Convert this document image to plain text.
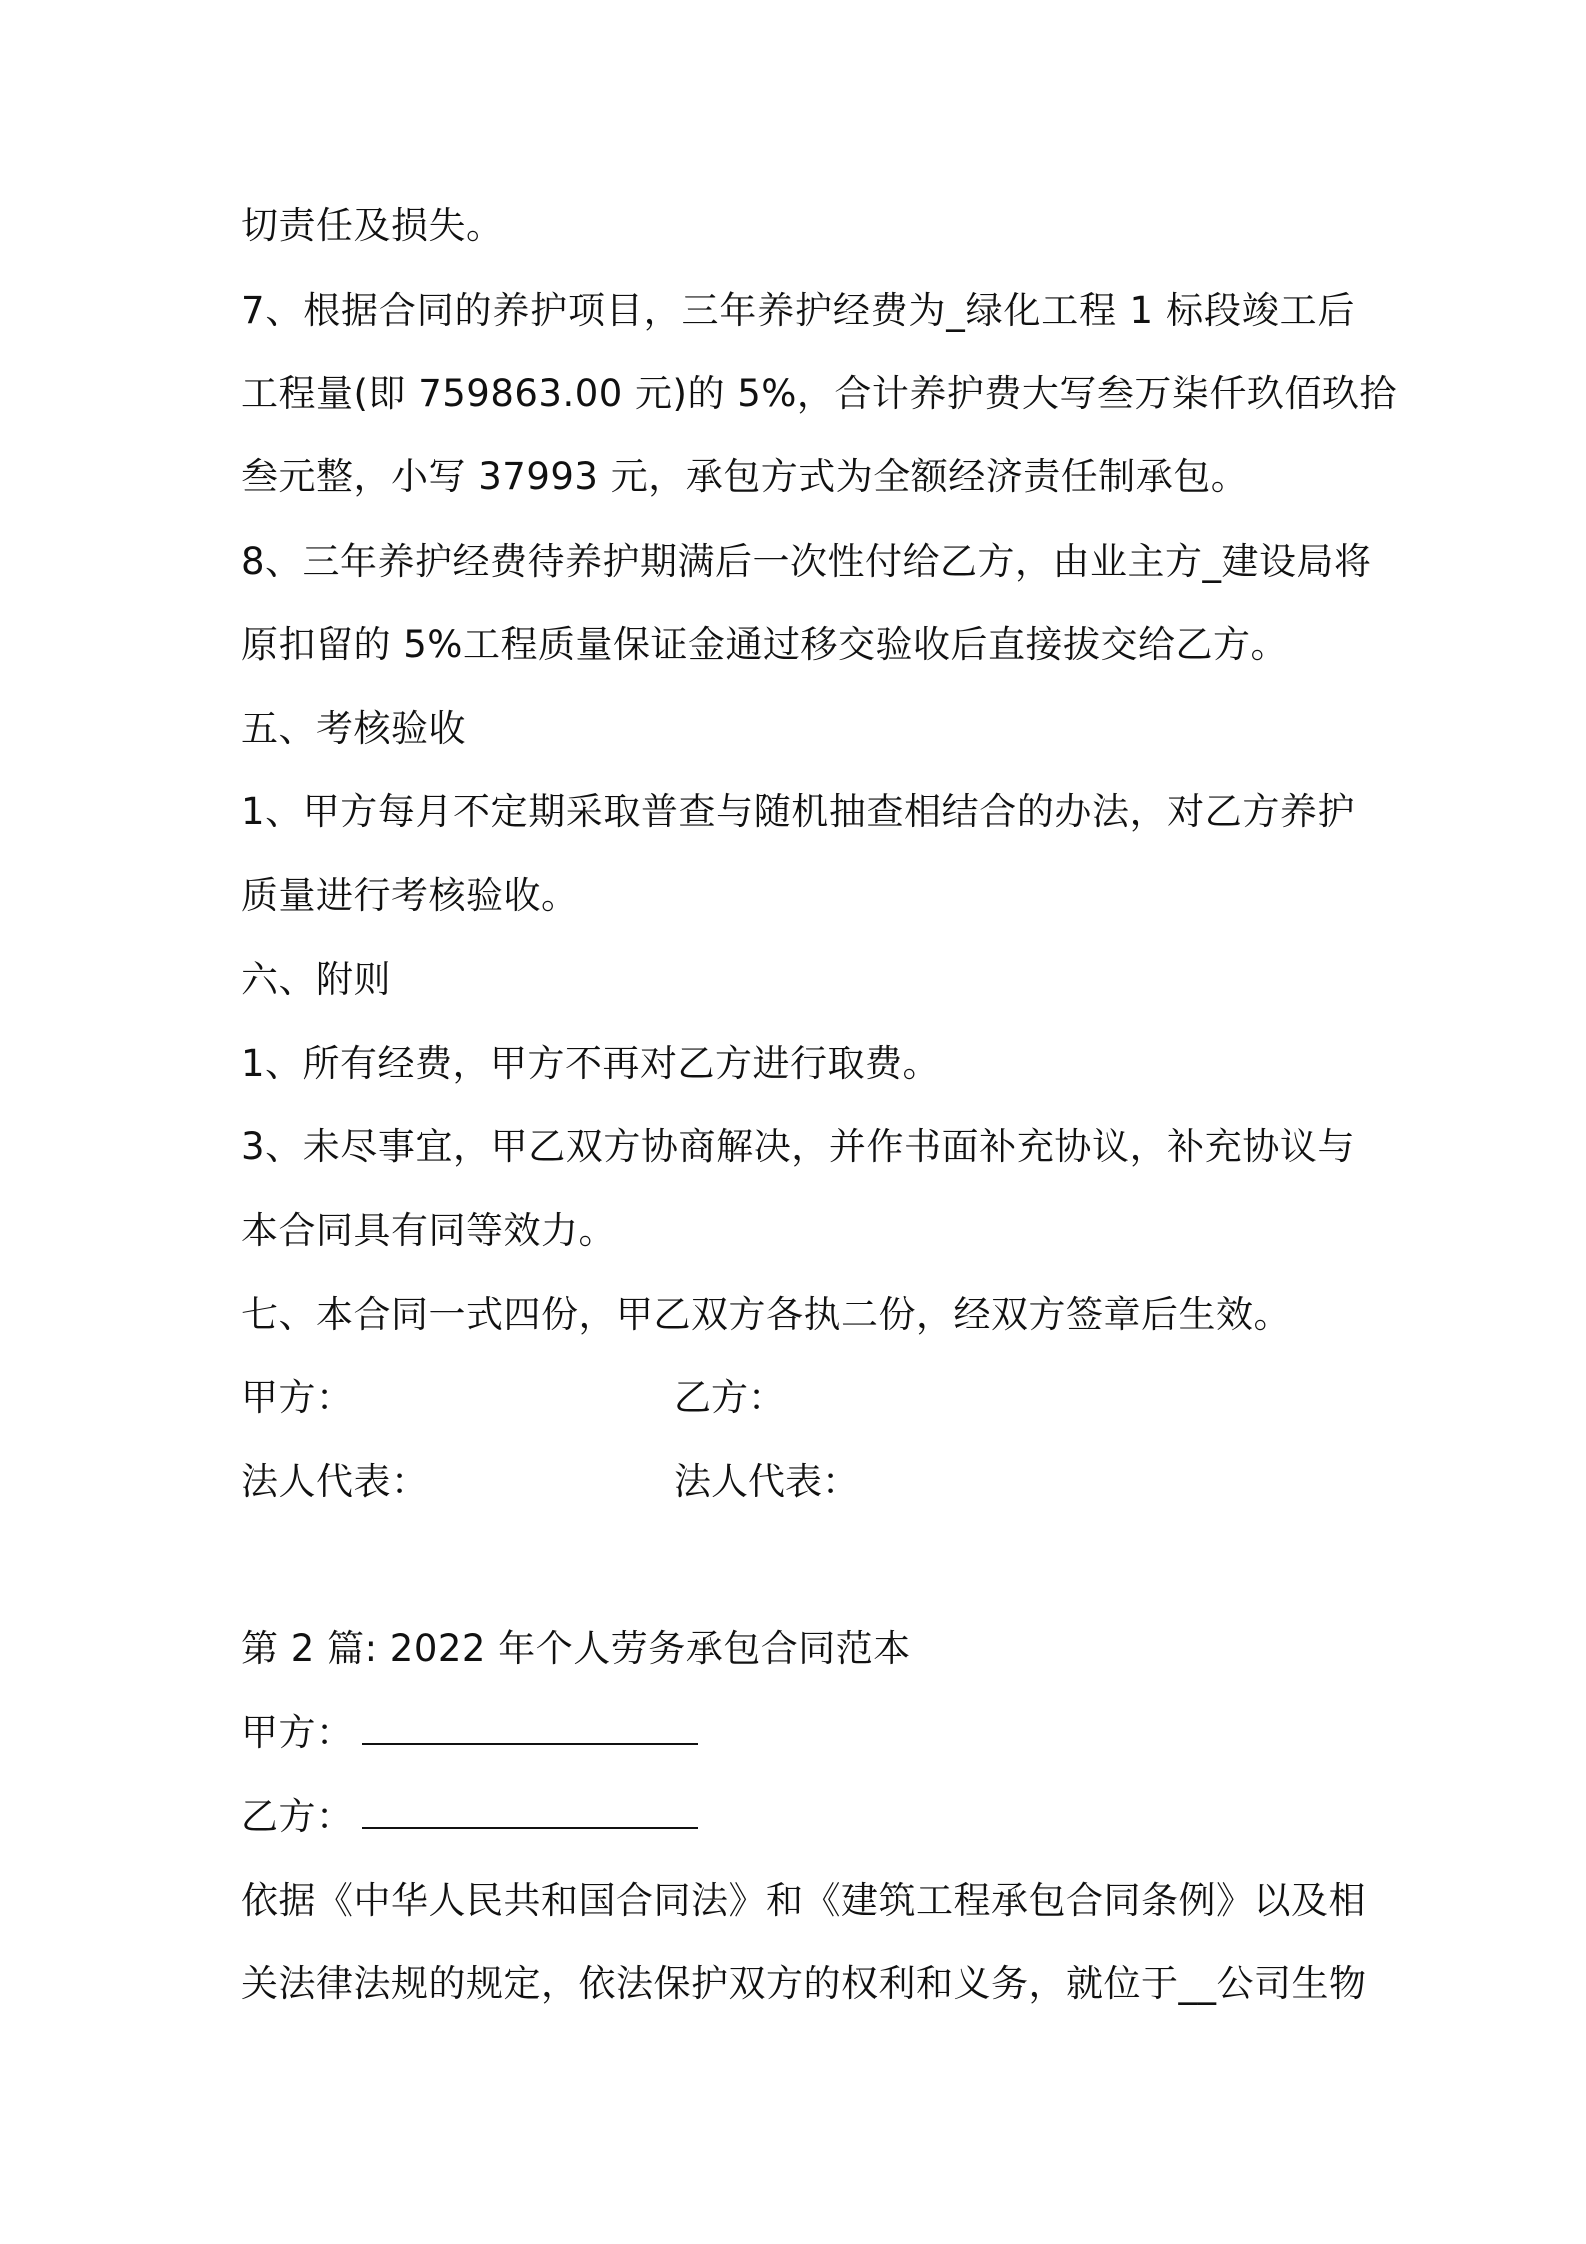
切责任及损失。
7、根据合同的养护项目，三年养护经费为_绿化工程 1 标段竣工后
工程量(即 759863.00 元)的 5%，合计养护费大写叁万柒仟玖佰玖拾
叁元整，小写 37993 元，承包方式为全额经济责任制承包。
8、三年养护经费待养护期满后一次性付给乙方，由业主方_建设局将
原扣留的 5%工程质量保证金通过移交验收后直接拔交给乙方。
五、考核验收
1、甲方每月不定期采取普查与随机抽查相结合的办法，对乙方养护
质量进行考核验收。
六、附则
1、所有经费，甲方不再对乙方进行取费。
3、未尽事宜，甲乙双方协商解决，并作书面补充协议，补充协议与
本合同具有同等效力。
七、本合同一式四份，甲乙双方各执二份，经双方签章后生效。
甲方：	乙方：
法人代表：	法人代表：
第 2 篇: 2022 年个人劳务承包合同范本
甲方：
乙方：
依据《中华人民共和国合同法》和《建筑工程承包合同条例》以及相
关法律法规的规定，依法保护双方的权利和义务，就位于__公司生物
